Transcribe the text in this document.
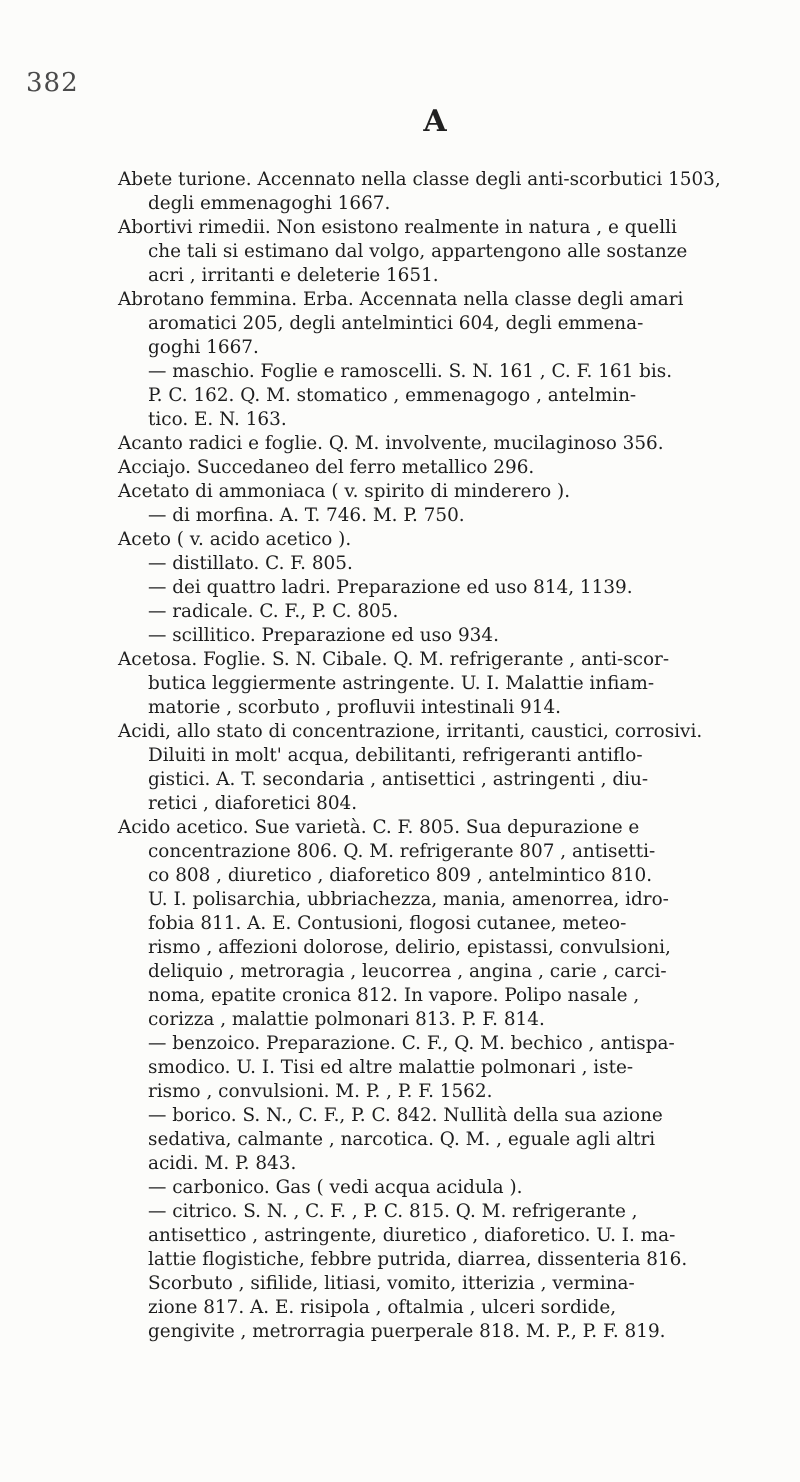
382
A
Abete turione. Accennato nella classe degli anti-scorbutici 1503,
degli emmenagoghi 1667.
Abortivi rimedii. Non esistono realmente in natura , e quelli
che tali si estimano dal volgo, appartengono alle sostanze
acri , irritanti e deleterie 1651.
Abrotano femmina. Erba. Accennata nella classe degli amari
aromatici 205, degli antelmintici 604, degli emmena-
goghi 1667.
— maschio. Foglie e ramoscelli. S. N. 161 , C. F. 161 bis.
P. C. 162. Q. M. stomatico , emmenagogo , antelmin-
tico. E. N. 163.
Acanto radici e foglie. Q. M. involvente, mucilaginoso 356.
Acciajo. Succedaneo del ferro metallico 296.
Acetato di ammoniaca ( v. spirito di mindererо ).
— di morfina. A. T. 746. M. P. 750.
Aceto ( v. acido acetico ).
— distillato. C. F. 805.
— dei quattro ladri. Preparazione ed uso 814, 1139.
— radicale. C. F., P. C. 805.
— scillitico. Preparazione ed uso 934.
Acetosa. Foglie. S. N. Cibale. Q. M. refrigerante , anti-scor-
butica leggiermente astringente. U. I. Malattie infiam-
matorie , scorbuto , profluvii intestinali 914.
Acidi, allo stato di concentrazione, irritanti, caustici, corrosivi.
Diluiti in molt' acqua, debilitanti, refrigeranti antiflo-
gistici. A. T. secondaria , antisettici , astringenti , diu-
retici , diaforetici 804.
Acido acetico. Sue varietà. C. F. 805. Sua depurazione e
concentrazione 806. Q. M. refrigerante 807 , antisetti-
co 808 , diuretico , diaforetico 809 , antelmintico 810.
U. I. polisarchia, ubbriachezza, mania, amenorrea, idro-
fobia 811. A. E. Contusioni, flogosi cutanee, meteo-
rismo , affezioni dolorose, delirio, epistassi, convulsioni,
deliquio , metroragia , leucorrea , angina , carie , carci-
noma, epatite cronica 812. In vapore. Polipo nasale ,
corizza , malattie polmonari 813. P. F. 814.
— benzoico. Preparazione. C. F., Q. M. bechico , antispa-
smodico. U. I. Tisi ed altre malattie polmonari , iste-
rismo , convulsioni. M. P. , P. F. 1562.
— borico. S. N., C. F., P. C. 842. Nullità della sua azione
sedativa, calmante , narcotica. Q. M. , eguale agli altri
acidi. M. P. 843.
— carbonico. Gas ( vedi acqua acidula ).
— citrico. S. N. , C. F. , P. C. 815. Q. M. refrigerante ,
antisettico , astringente, diuretico , diaforetico. U. I. ma-
lattie flogistiche, febbre putrida, diarrea, dissenteria 816.
Scorbuto , sifilide, litiasi, vomito, itterizia , vermina-
zione 817. A. E. risipola , oftalmia , ulceri sordide,
gengivite , metrorragia puerperale 818. M. P., P. F. 819.
